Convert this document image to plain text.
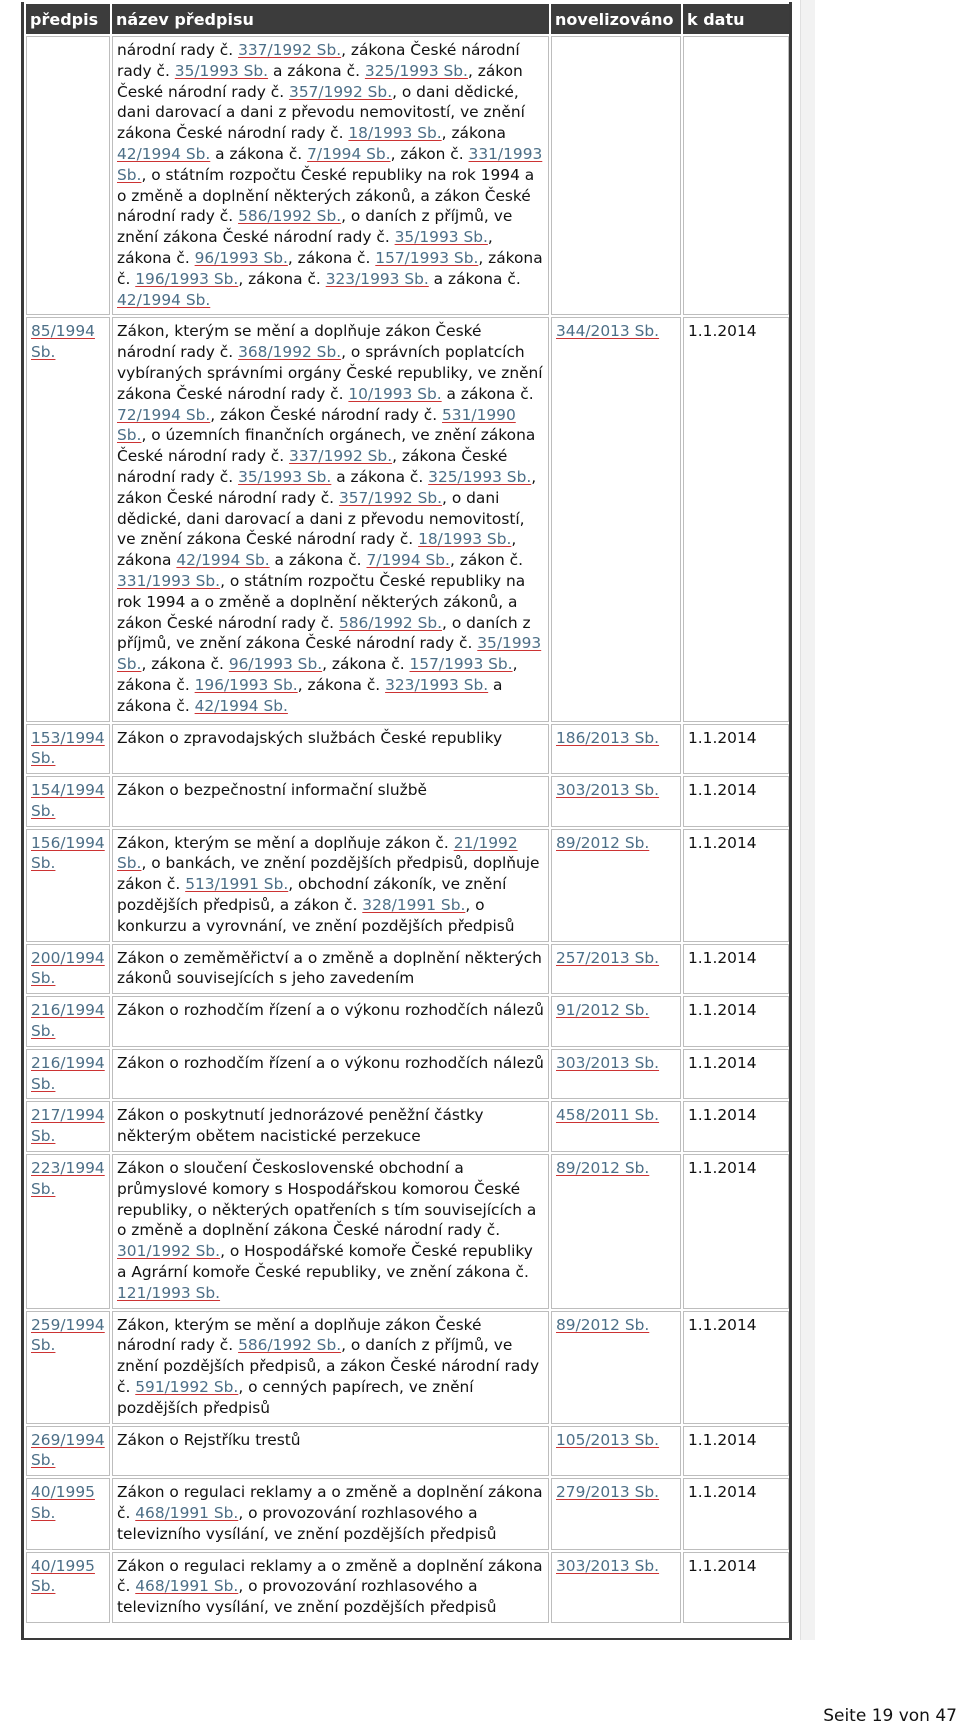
předpis	název předpisu	novelizováno	k datu
	národní rady č. 337/1992 Sb., zákona České národní rady č. 35/1993 Sb. a zákona č. 325/1993 Sb., zákon České národní rady č. 357/1992 Sb., o dani dědické, dani darovací a dani z převodu nemovitostí, ve znění zákona České národní rady č. 18/1993 Sb., zákona 42/1994 Sb. a zákona č. 7/1994 Sb., zákon č. 331/1993 Sb., o státním rozpočtu České republiky na rok 1994 a o změně a doplnění některých zákonů, a zákon České národní rady č. 586/1992 Sb., o daních z příjmů, ve znění zákona České národní rady č. 35/1993 Sb., zákona č. 96/1993 Sb., zákona č. 157/1993 Sb., zákona č. 196/1993 Sb., zákona č. 323/1993 Sb. a zákona č. 42/1994 Sb.		
85/1994 Sb.	Zákon, kterým se mění a doplňuje zákon České národní rady č. 368/1992 Sb., o správních poplatcích vybíraných správními orgány České republiky, ve znění zákona České národní rady č. 10/1993 Sb. a zákona č. 72/1994 Sb., zákon České národní rady č. 531/1990 Sb., o územních finančních orgánech, ve znění zákona České národní rady č. 337/1992 Sb., zákona České národní rady č. 35/1993 Sb. a zákona č. 325/1993 Sb., zákon České národní rady č. 357/1992 Sb., o dani dědické, dani darovací a dani z převodu nemovitostí, ve znění zákona České národní rady č. 18/1993 Sb., zákona 42/1994 Sb. a zákona č. 7/1994 Sb., zákon č. 331/1993 Sb., o státním rozpočtu České republiky na rok 1994 a o změně a doplnění některých zákonů, a zákon České národní rady č. 586/1992 Sb., o daních z příjmů, ve znění zákona České národní rady č. 35/1993 Sb., zákona č. 96/1993 Sb., zákona č. 157/1993 Sb., zákona č. 196/1993 Sb., zákona č. 323/1993 Sb. a zákona č. 42/1994 Sb.	344/2013 Sb.	1.1.2014
153/1994 Sb.	Zákon o zpravodajských službách České republiky	186/2013 Sb.	1.1.2014
154/1994 Sb.	Zákon o bezpečnostní informační službě	303/2013 Sb.	1.1.2014
156/1994 Sb.	Zákon, kterým se mění a doplňuje zákon č. 21/1992 Sb., o bankách, ve znění pozdějších předpisů, doplňuje zákon č. 513/1991 Sb., obchodní zákoník, ve znění pozdějších předpisů, a zákon č. 328/1991 Sb., o konkurzu a vyrovnání, ve znění pozdějších předpisů	89/2012 Sb.	1.1.2014
200/1994 Sb.	Zákon o zeměměřictví a o změně a doplnění některých zákonů souvisejících s jeho zavedením	257/2013 Sb.	1.1.2014
216/1994 Sb.	Zákon o rozhodčím řízení a o výkonu rozhodčích nálezů	91/2012 Sb.	1.1.2014
216/1994 Sb.	Zákon o rozhodčím řízení a o výkonu rozhodčích nálezů	303/2013 Sb.	1.1.2014
217/1994 Sb.	Zákon o poskytnutí jednorázové peněžní částky některým obětem nacistické perzekuce	458/2011 Sb.	1.1.2014
223/1994 Sb.	Zákon o sloučení Československé obchodní a průmyslové komory s Hospodářskou komorou České republiky, o některých opatřeních s tím souvisejících a o změně a doplnění zákona České národní rady č. 301/1992 Sb., o Hospodářské komoře České republiky a Agrární komoře České republiky, ve znění zákona č. 121/1993 Sb.	89/2012 Sb.	1.1.2014
259/1994 Sb.	Zákon, kterým se mění a doplňuje zákon České národní rady č. 586/1992 Sb., o daních z příjmů, ve znění pozdějších předpisů, a zákon České národní rady č. 591/1992 Sb., o cenných papírech, ve znění pozdějších předpisů	89/2012 Sb.	1.1.2014
269/1994 Sb.	Zákon o Rejstříku trestů	105/2013 Sb.	1.1.2014
40/1995 Sb.	Zákon o regulaci reklamy a o změně a doplnění zákona č. 468/1991 Sb., o provozování rozhlasového a televizního vysílání, ve znění pozdějších předpisů	279/2013 Sb.	1.1.2014
40/1995 Sb.	Zákon o regulaci reklamy a o změně a doplnění zákona č. 468/1991 Sb., o provozování rozhlasového a televizního vysílání, ve znění pozdějších předpisů	303/2013 Sb.	1.1.2014
Seite 19 von 47
